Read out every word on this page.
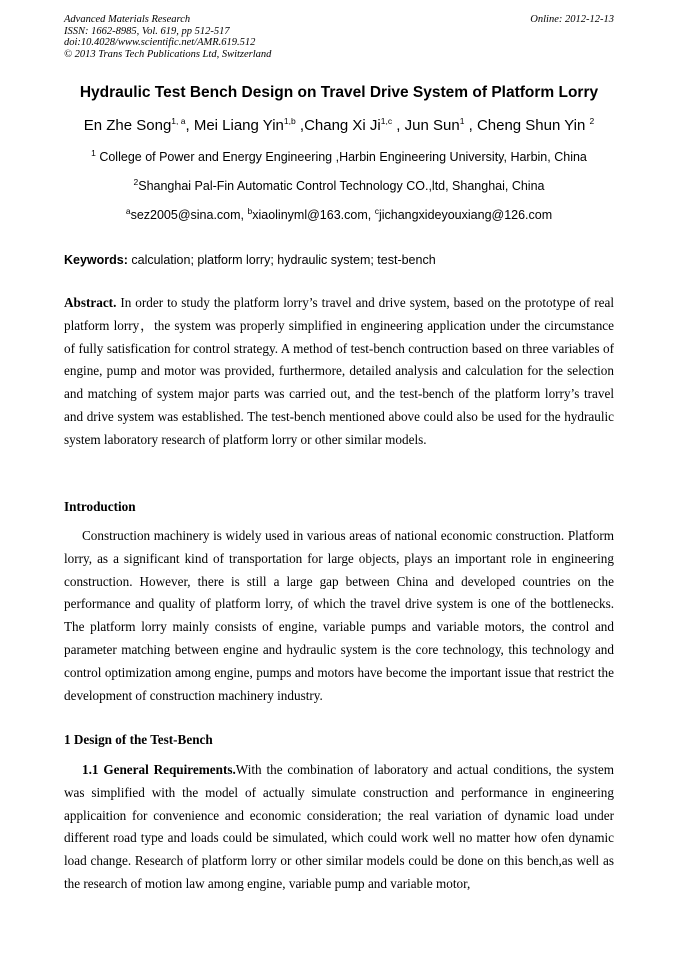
Advanced Materials Research
ISSN: 1662-8985, Vol. 619, pp 512-517
doi:10.4028/www.scientific.net/AMR.619.512
© 2013 Trans Tech Publications Ltd, Switzerland
Online: 2012-12-13
Hydraulic Test Bench Design on Travel Drive System of Platform Lorry
En Zhe Song$^{1, a}$, Mei Liang Yin$^{1,b}$ ,Chang Xi Ji$^{1,c}$ , Jun Sun$^1$ , Cheng Shun Yin $^2$
$^1$ College of Power and Energy Engineering ,Harbin Engineering University, Harbin, China
$^2$Shanghai Pal-Fin Automatic Control Technology CO.,ltd, Shanghai, China
$^a$sez2005@sina.com, $^b$xiaolinyml@163.com, $^c$jichangxideyouxiang@126.com
Keywords: calculation; platform lorry; hydraulic system; test-bench
Abstract. In order to study the platform lorry’s travel and drive system, based on the prototype of real platform lorry，the system was properly simplified in engineering application under the circumstance of fully satisfication for control strategy. A method of test-bench contruction based on three variables of engine, pump and motor was provided, furthermore, detailed analysis and calculation for the selection and matching of system major parts was carried out, and the test-bench of the platform lorry’s travel and drive system was established. The test-bench mentioned above could also be used for the hydraulic system laboratory research of platform lorry or other similar models.
Introduction
Construction machinery is widely used in various areas of national economic construction. Platform lorry, as a significant kind of transportation for large objects, plays an important role in engineering construction. However, there is still a large gap between China and developed countries on the performance and quality of platform lorry, of which the travel drive system is one of the bottlenecks. The platform lorry mainly consists of engine, variable pumps and variable motors, the control and parameter matching between engine and hydraulic system is the core technology, this technology and control optimization among engine, pumps and motors have become the important issue that restrict the development of construction machinery industry.
1 Design of the Test-Bench
1.1 General Requirements.With the combination of laboratory and actual conditions, the system was simplified with the model of actually simulate construction and performance in engineering applicaition for convenience and economic consideration; the real variation of dynamic load under different road type and loads could be simulated, which could work well no matter how ofen dynamic load change. Research of platform lorry or other similar models could be done on this bench,as well as the research of motion law among engine, variable pump and variable motor,
